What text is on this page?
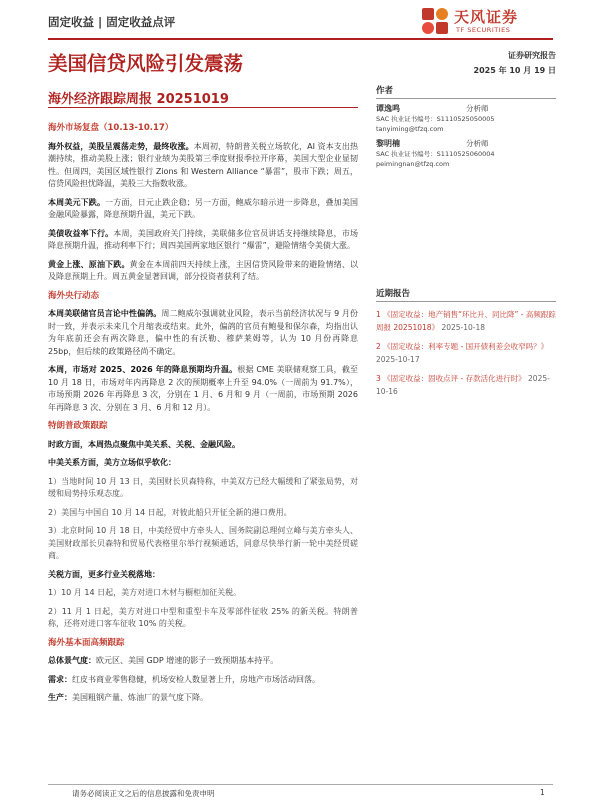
固定收益 | 固定收益点评	天风证券
TF SECURITIES
美国信贷风险引发震荡
海外经济跟踪周报 20251019
证券研究报告
2025 年 10 月 19 日
作者
谭逸鸣	分析师
SAC 执业证书编号：S1110525050005
tanyiming@tfzq.com
黎明楠	分析师
SAC 执业证书编号：S1110525060004
peimingnan@tfzq.com
近期报告
1 《固定收益：地产销售“环比升、同比降” - 高频跟踪周报 20251018》 2025-10-18
2 《固定收益：利率专题 - 国开债利差会收窄吗？》 2025-10-17
3 《固定收益：固收点评 - 存款活化进行时》 2025-10-16
海外市场复盘（10.13-10.17）

海外权益，美股呈震荡走势，最终收涨。本周初，特朗普关税立场软化，AI 资本支出热潮持续，推动美股上涨；银行业绩为美股第三季度财报季拉开序幕，美国大型企业显韧性。但周四，美国区域性银行 Zions 和 Western Alliance “暴雷”，股市下跌；周五，信贷风险担忧降温，美股三大指数收涨。

本周美元下跌。一方面，日元止跌企稳；另一方面，鲍威尔暗示进一步降息，叠加美国金融风险暴露，降息预期升温，美元下跌。

美债收益率下行。本周，美国政府关门持续，美联储多位官员讲话支持继续降息，市场降息预期升温，推动利率下行；周四美国两家地区银行 “爆雷”，避险情绪令美债大涨。

黄金上涨、原油下跌。黄金在本周前四天持续上涨，主因信贷风险带来的避险情绪、以及降息预期上升。周五黄金显著回调，部分投资者获利了结。

海外央行动态

本周美联储官员言论中性偏鸽。周二鲍威尔强调就业风险，表示当前经济状况与 9 月份时一致，并表示未来几个月缩表或结束。此外，偏鸽的官员有鲍曼和保尔森，均指出认为年底前还会有两次降息，偏中性的有沃勒、穆萨莱姆等，认为 10 月份再降息 25bp，但后续的政策路径尚不确定。

本周，市场对 2025、2026 年的降息预期均升温。根据 CME 美联储观察工具，截至 10 月 18 日，市场对年内再降息 2 次的预期概率上升至 94.0%（一周前为 91.7%），市场预期 2026 年再降息 3 次，分别在 1 月、6 月和 9 月（一周前，市场预期 2026 年再降息 3 次、分别在 3 月、6 月和 12 月）。

特朗普政策跟踪

时政方面，本周热点聚焦中美关系、关税、金融风险。

中美关系方面，美方立场似乎软化：

1）当地时间 10 月 13 日，美国财长贝森特称，中美双方已经大幅缓和了紧张局势，对缓和局势持乐观态度。

2）美国与中国自 10 月 14 日起，对彼此船只开征全新的港口费用。

3）北京时间 10 月 18 日，中美经贸中方牵头人、国务院副总理何立峰与美方牵头人、美国财政部长贝森特和贸易代表格里尔举行视频通话，同意尽快举行新一轮中美经贸磋商。

关税方面，更多行业关税落地：

1）10 月 14 日起，美方对进口木材与橱柜加征关税。

2）11 月 1 日起，美方对进口中型和重型卡车及零部件征收 25% 的新关税。特朗普称，还将对进口客车征收 10% 的关税。

海外基本面高频跟踪

总体景气度：欧元区、美国 GDP 增速的影子一致预期基本持平。

需求：红皮书商业零售稳健，机场安检人数显著上升，房地产市场活动回落。

生产：美国粗钢产量、炼油厂的景气度下降。

请务必阅读正文之后的信息披露和免责申明	1
